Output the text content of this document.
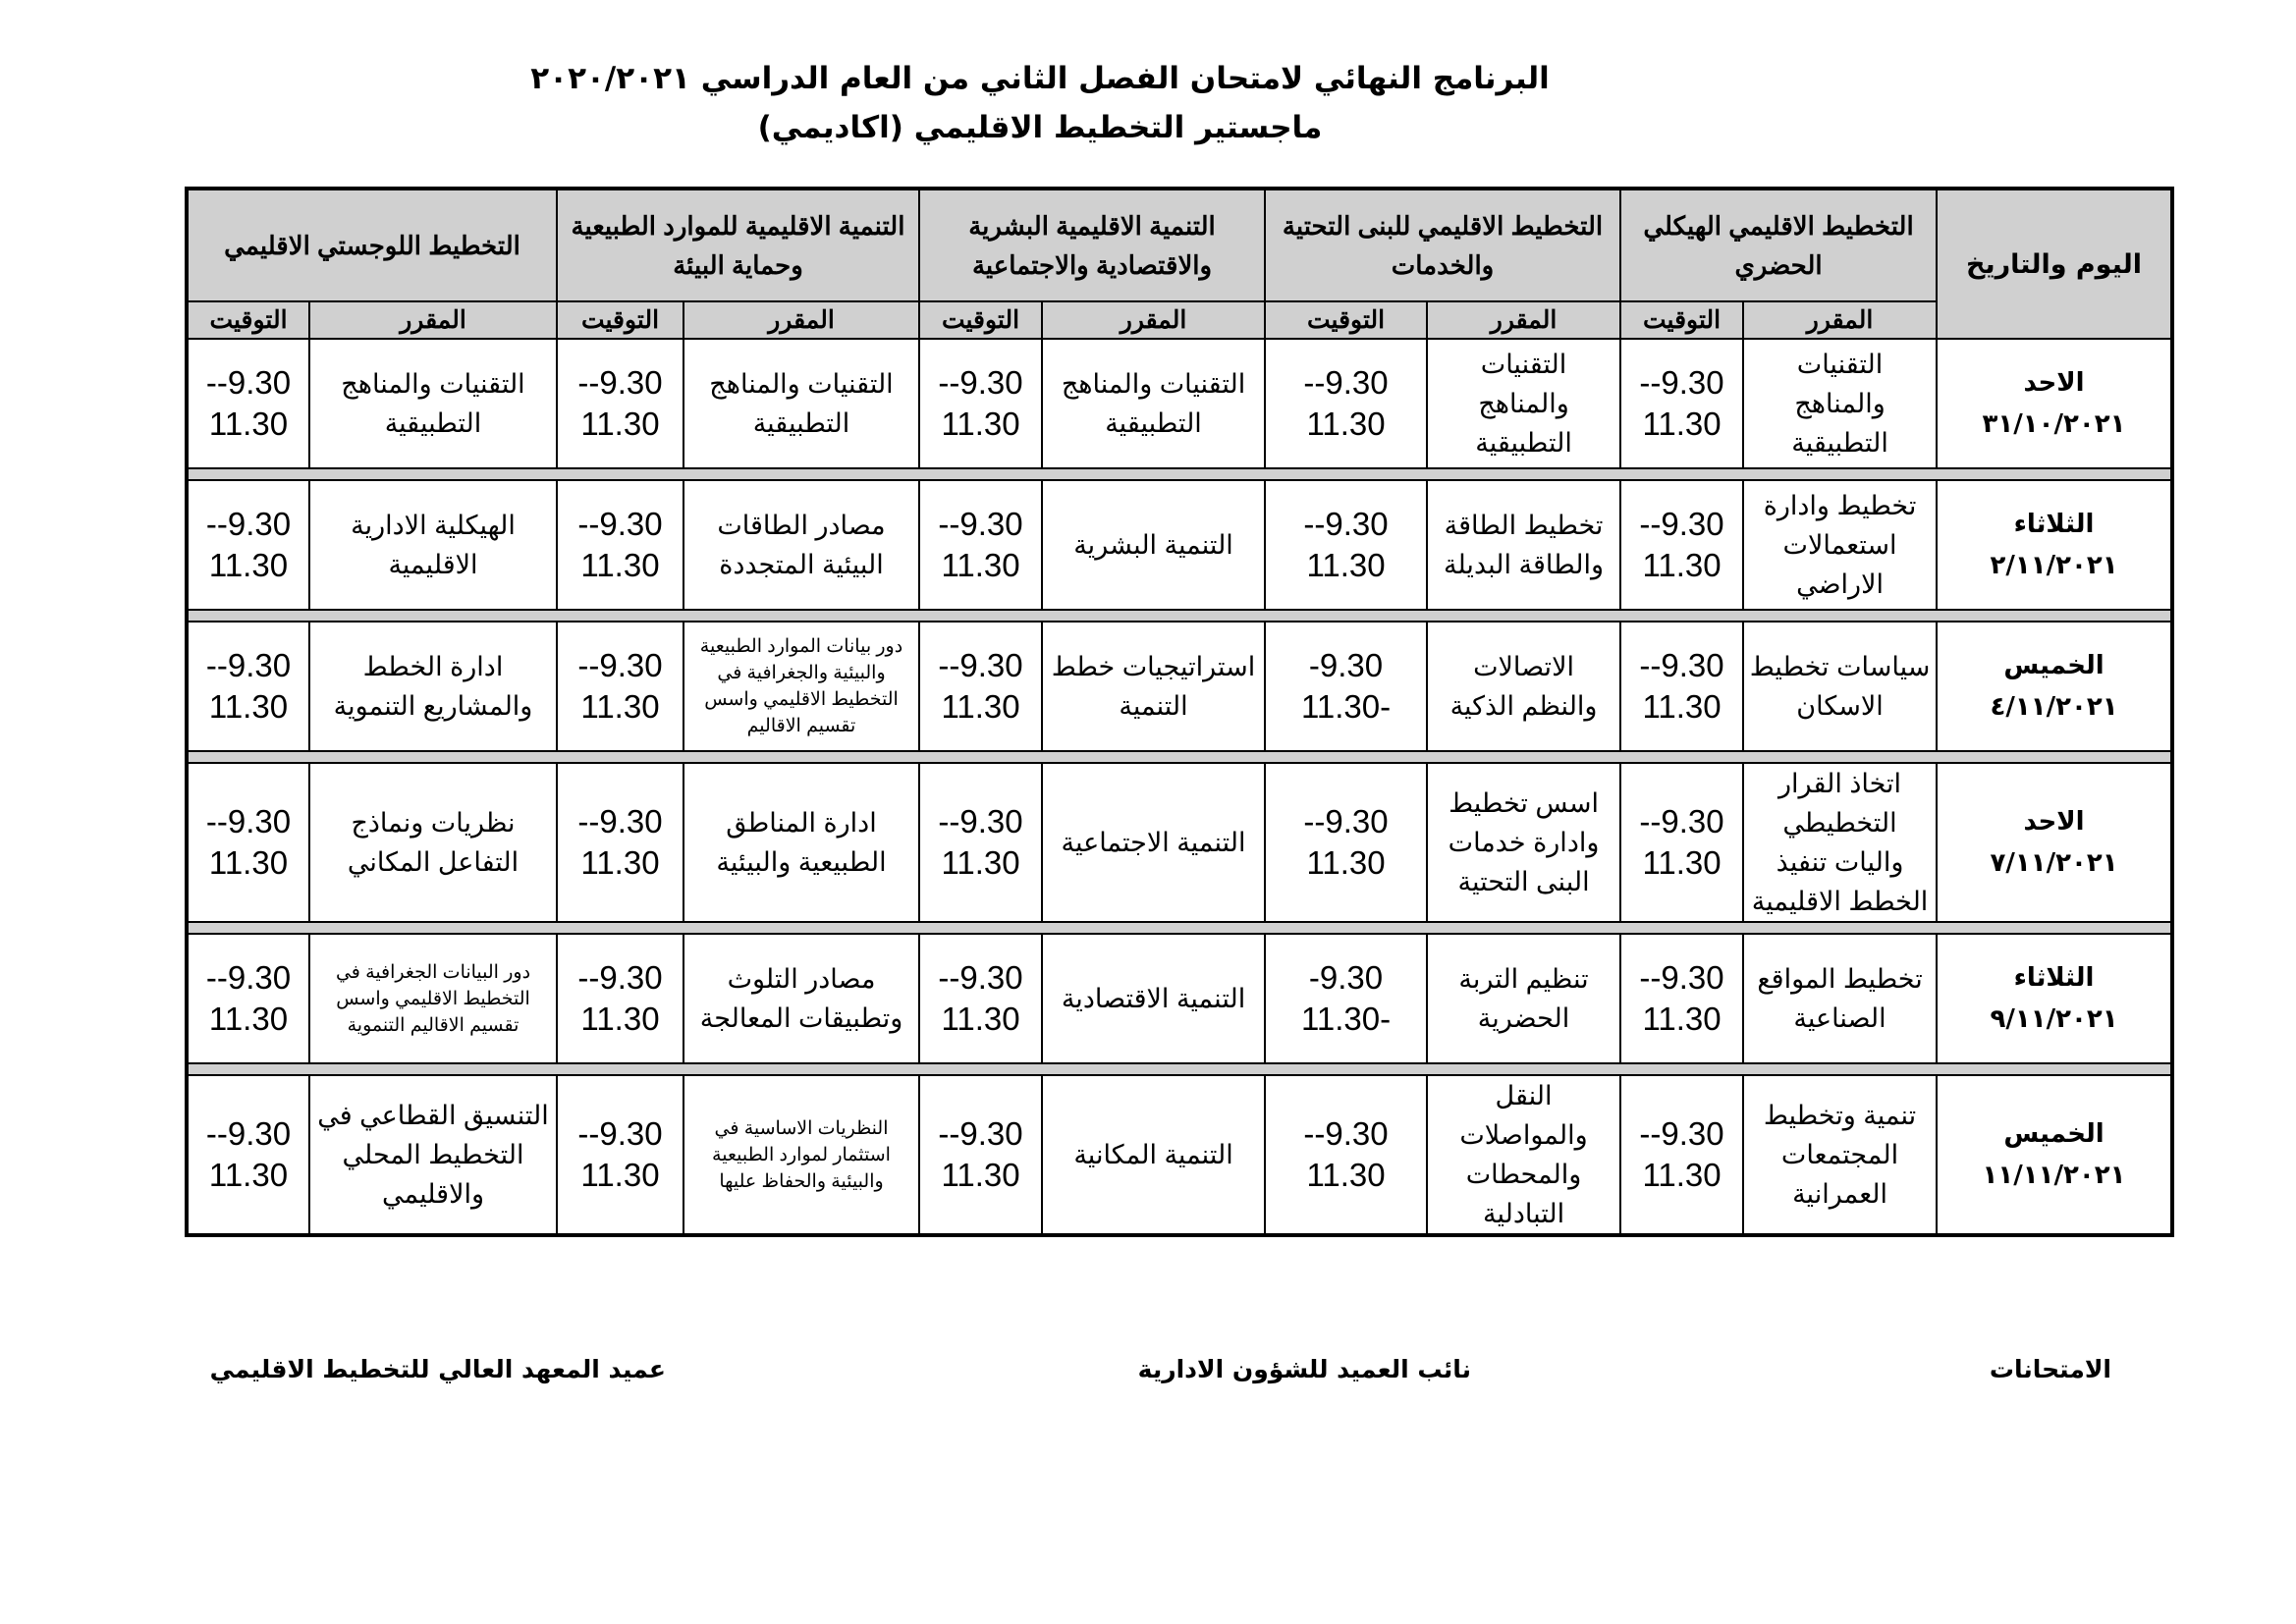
البرنامج النهائي لامتحان الفصل الثاني من العام الدراسي ٢٠٢٠/٢٠٢١
ماجستير التخطيط الاقليمي (اكاديمي)
اليوم والتاريخ	التخطيط الاقليمي الهيكلي الحضري		التخطيط الاقليمي للبنى التحتية والخدمات		التنمية الاقليمية البشرية والاقتصادية والاجتماعية		التنمية الاقليمية للموارد الطبيعية وحماية البيئة		التخطيط اللوجستي الاقليمي	
	المقرر	التوقيت	المقرر	التوقيت	المقرر	التوقيت	المقرر	التوقيت	المقرر	التوقيت

الاحد
٣١/١٠/٢٠٢١	التقنيات والمناهج التطبيقية	9.30-- 11.30	التقنيات والمناهج التطبيقية	9.30-- 11.30	التقنيات والمناهج التطبيقية	9.30-- 11.30	التقنيات والمناهج التطبيقية	9.30-- 11.30	التقنيات والمناهج التطبيقية	9.30-- 11.30

الثلاثاء
٢/١١/٢٠٢١	تخطيط وادارة استعمالات الاراضي	9.30-- 11.30	تخطيط الطاقة والطاقة البديلة	9.30-- 11.30	التنمية البشرية	9.30-- 11.30	مصادر الطاقات البيئية المتجددة	9.30-- 11.30	الهيكلية الادارية الاقليمية	9.30-- 11.30

الخميس
٤/١١/٢٠٢١	سياسات تخطيط الاسكان	9.30-- 11.30	الاتصالات والنظم الذكية	9.30--11.30	استراتيجيات خطط التنمية	9.30-- 11.30	دور بيانات الموارد الطبيعية والبيئية والجغرافية في التخطيط الاقليمي واسس تقسيم الاقاليم	9.30-- 11.30	ادارة الخطط والمشاريع التنموية	9.30-- 11.30

الاحد
٧/١١/٢٠٢١	اتخاذ القرار التخطيطي واليات تنفيذ الخطط الاقليمية	9.30-- 11.30	اسس تخطيط وادارة خدمات البنى التحتية	9.30-- 11.30	التنمية الاجتماعية	9.30-- 11.30	ادارة المناطق الطبيعية والبيئية	9.30-- 11.30	نظريات ونماذج التفاعل المكاني	9.30-- 11.30

الثلاثاء
٩/١١/٢٠٢١	تخطيط المواقع الصناعية	9.30-- 11.30	تنظيم التربة الحضرية	9.30--11.30	التنمية الاقتصادية	9.30-- 11.30	مصادر التلوث وتطبيقات المعالجة	9.30-- 11.30	دور البيانات الجغرافية في التخطيط الاقليمي واسس تقسيم الاقاليم التنموية	9.30-- 11.30

الخميس
١١/١١/٢٠٢١	تنمية وتخطيط المجتمعات العمرانية	9.30-- 11.30	النقل والمواصلات والمحطات التبادلية	9.30-- 11.30	التنمية المكانية	9.30-- 11.30	النظريات الاساسية في استثمار لموارد الطبيعية والبيئية والحفاظ عليها	9.30-- 11.30	التنسيق القطاعي في التخطيط المحلي والاقليمي	9.30-- 11.30
الامتحانات
نائب العميد للشؤون الادارية
عميد المعهد العالي للتخطيط الاقليمي
